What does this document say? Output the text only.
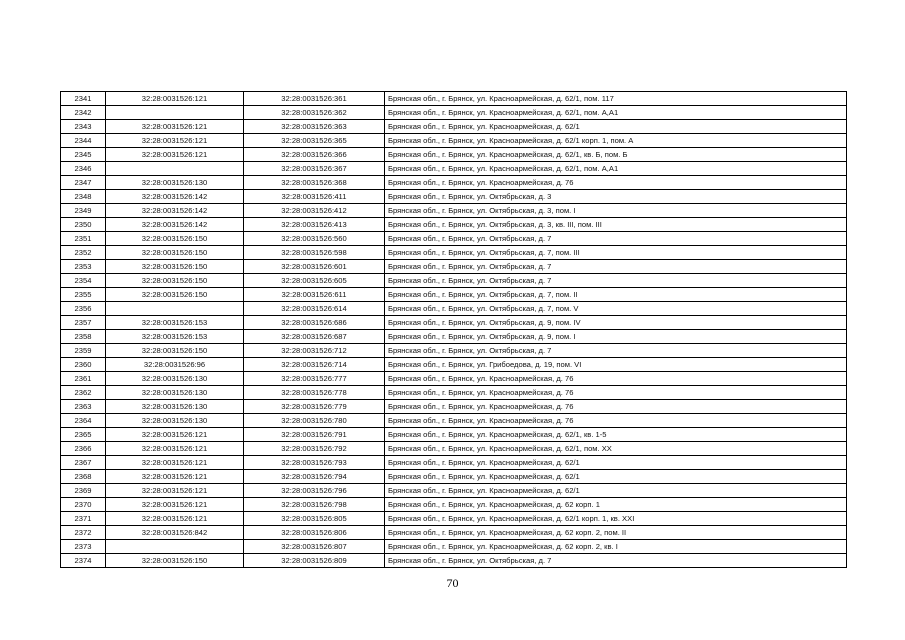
2341	32:28:0031526:121	32:28:0031526:361	Брянская обл., г. Брянск, ул. Красноармейская, д. 62/1, пом. 117
2342		32:28:0031526:362	Брянская обл., г. Брянск, ул. Красноармейская, д. 62/1, пом. А,А1
2343	32:28:0031526:121	32:28:0031526:363	Брянская обл., г. Брянск, ул. Красноармейская, д. 62/1
2344	32:28:0031526:121	32:28:0031526:365	Брянская обл., г. Брянск, ул. Красноармейская, д. 62/1 корп. 1, пом. А
2345	32:28:0031526:121	32:28:0031526:366	Брянская обл., г. Брянск, ул. Красноармейская, д. 62/1, кв. Б, пом. Б
2346		32:28:0031526:367	Брянская обл., г. Брянск, ул. Красноармейская, д. 62/1, пом. А,А1
2347	32:28:0031526:130	32:28:0031526:368	Брянская обл., г. Брянск, ул. Красноармейская, д. 76
2348	32:28:0031526:142	32:28:0031526:411	Брянская обл., г. Брянск, ул. Октябрьская, д. 3
2349	32:28:0031526:142	32:28:0031526:412	Брянская обл., г. Брянск, ул. Октябрьская, д. 3, пом. I
2350	32:28:0031526:142	32:28:0031526:413	Брянская обл., г. Брянск, ул. Октябрьская, д. 3, кв. III, пом. III
2351	32:28:0031526:150	32:28:0031526:560	Брянская обл., г. Брянск, ул. Октябрьская, д. 7
2352	32:28:0031526:150	32:28:0031526:598	Брянская обл., г. Брянск, ул. Октябрьская, д. 7, пом. III
2353	32:28:0031526:150	32:28:0031526:601	Брянская обл., г. Брянск, ул. Октябрьская, д. 7
2354	32:28:0031526:150	32:28:0031526:605	Брянская обл., г. Брянск, ул. Октябрьская, д. 7
2355	32:28:0031526:150	32:28:0031526:611	Брянская обл., г. Брянск, ул. Октябрьская, д. 7, пом. II
2356		32:28:0031526:614	Брянская обл., г. Брянск, ул. Октябрьская, д. 7, пом. V
2357	32:28:0031526:153	32:28:0031526:686	Брянская обл., г. Брянск, ул. Октябрьская, д. 9, пом. IV
2358	32:28:0031526:153	32:28:0031526:687	Брянская обл., г. Брянск, ул. Октябрьская, д. 9, пом. I
2359	32:28:0031526:150	32:28:0031526:712	Брянская обл., г. Брянск, ул. Октябрьская, д. 7
2360	32:28:0031526:96	32:28:0031526:714	Брянская обл., г. Брянск, ул. Грибоедова, д. 19, пом. VI
2361	32:28:0031526:130	32:28:0031526:777	Брянская обл., г. Брянск, ул. Красноармейская, д. 76
2362	32:28:0031526:130	32:28:0031526:778	Брянская обл., г. Брянск, ул. Красноармейская, д. 76
2363	32:28:0031526:130	32:28:0031526:779	Брянская обл., г. Брянск, ул. Красноармейская, д. 76
2364	32:28:0031526:130	32:28:0031526:780	Брянская обл., г. Брянск, ул. Красноармейская, д. 76
2365	32:28:0031526:121	32:28:0031526:791	Брянская обл., г. Брянск, ул. Красноармейская, д. 62/1, кв. 1-5
2366	32:28:0031526:121	32:28:0031526:792	Брянская обл., г. Брянск, ул. Красноармейская, д. 62/1, пом. XX
2367	32:28:0031526:121	32:28:0031526:793	Брянская обл., г. Брянск, ул. Красноармейская, д. 62/1
2368	32:28:0031526:121	32:28:0031526:794	Брянская обл., г. Брянск, ул. Красноармейская, д. 62/1
2369	32:28:0031526:121	32:28:0031526:796	Брянская обл., г. Брянск, ул. Красноармейская, д. 62/1
2370	32:28:0031526:121	32:28:0031526:798	Брянская обл., г. Брянск, ул. Красноармейская, д. 62 корп. 1
2371	32:28:0031526:121	32:28:0031526:805	Брянская обл., г. Брянск, ул. Красноармейская, д. 62/1 корп. 1, кв. XXI
2372	32:28:0031526:842	32:28:0031526:806	Брянская обл., г. Брянск, ул. Красноармейская, д. 62 корп. 2, пом. II
2373		32:28:0031526:807	Брянская обл., г. Брянск, ул. Красноармейская, д. 62 корп. 2, кв. I
2374	32:28:0031526:150	32:28:0031526:809	Брянская обл., г. Брянск, ул. Октябрьская, д. 7
70
